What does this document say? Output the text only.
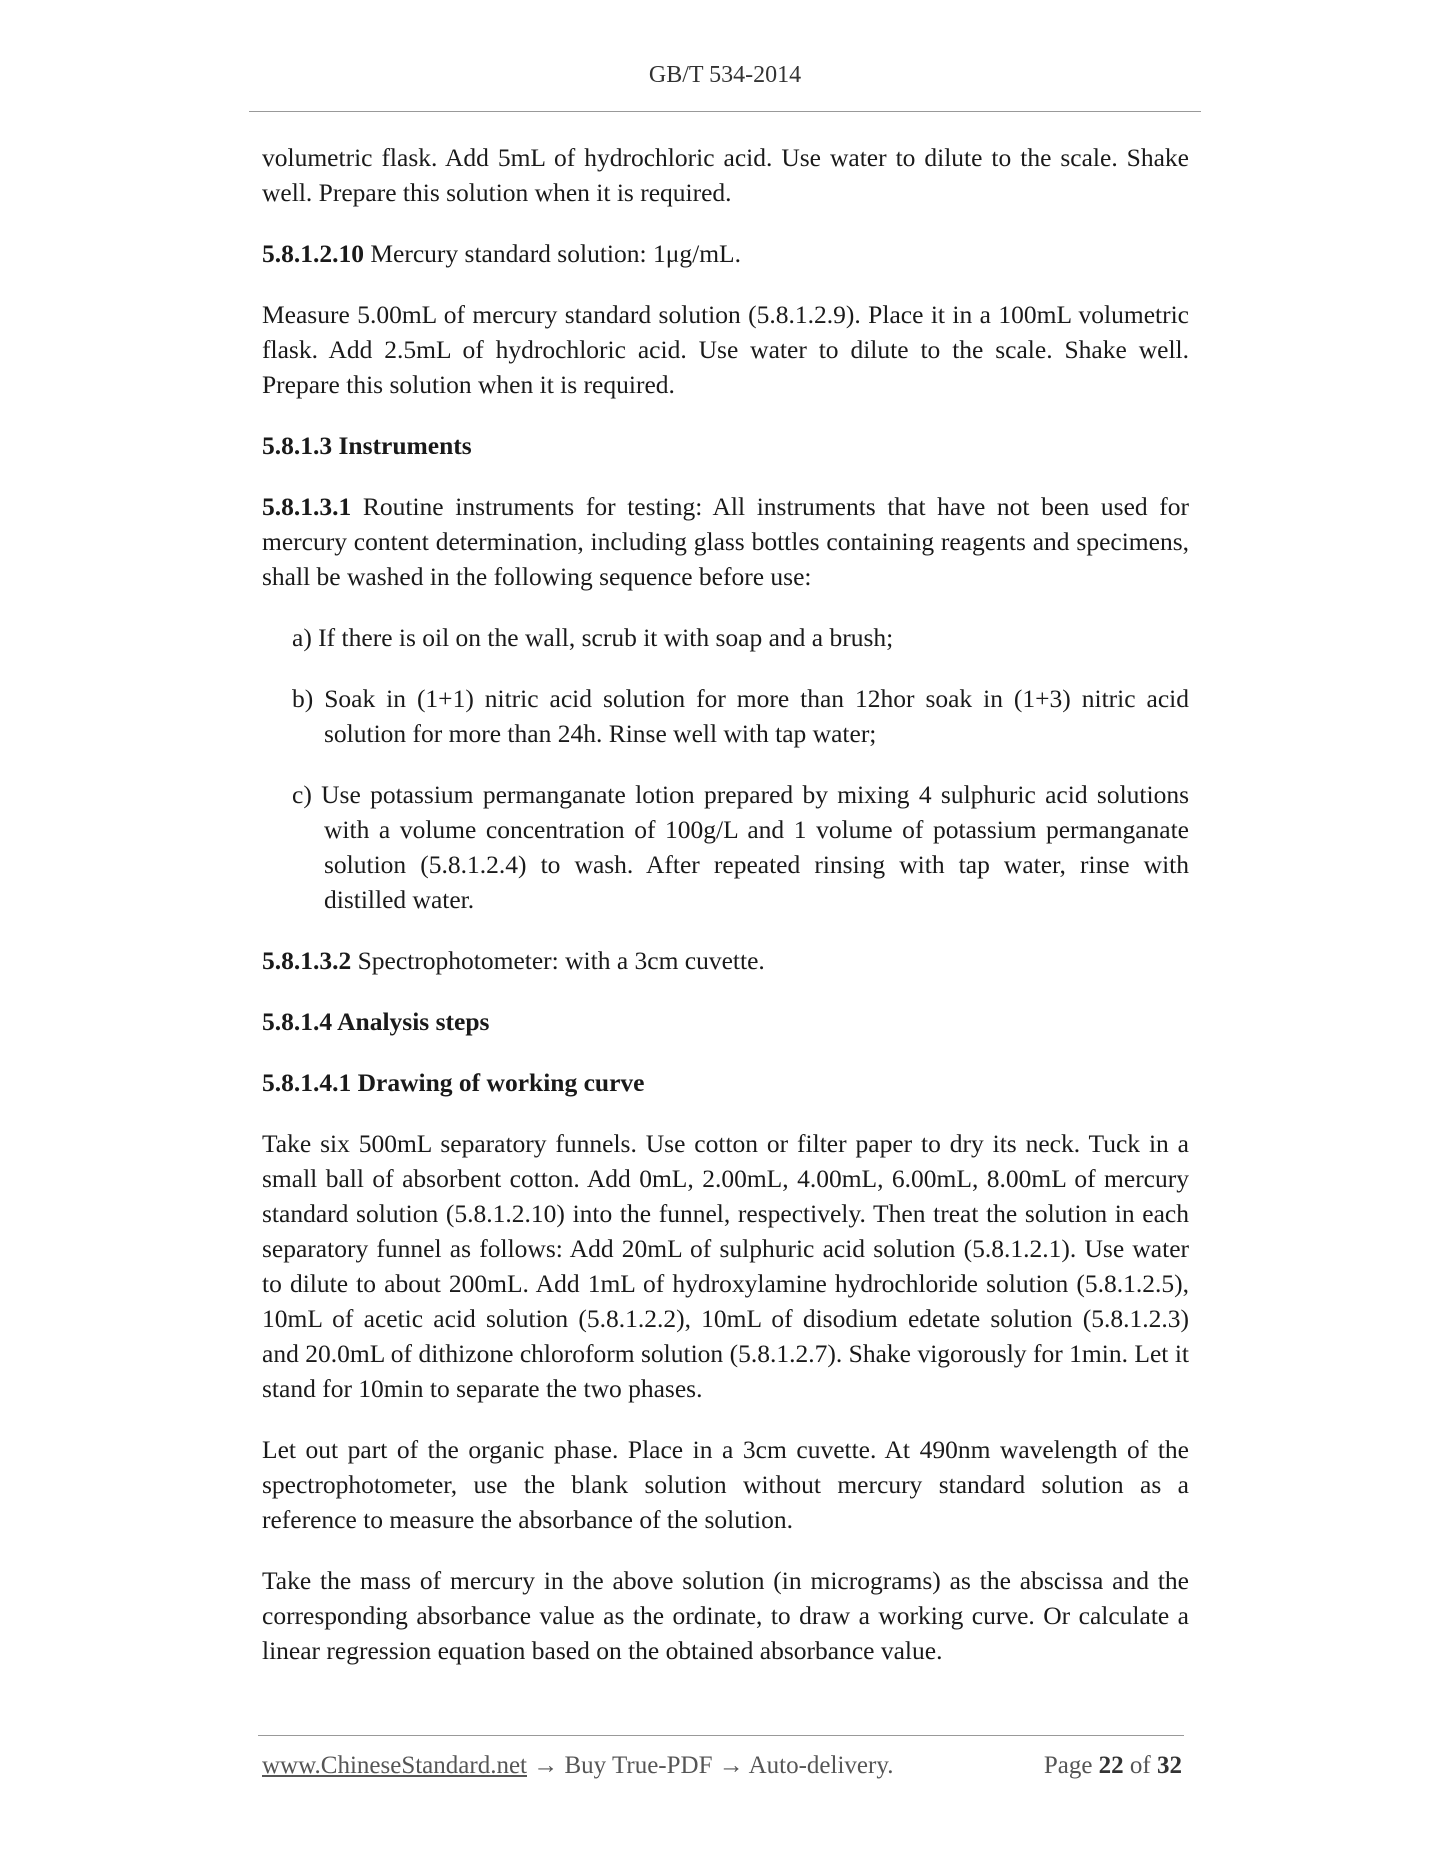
GB/T 534-2014

volumetric flask. Add 5mL of hydrochloric acid. Use water to dilute to the scale. Shake well. Prepare this solution when it is required.

5.8.1.2.10 Mercury standard solution: 1μg/mL.

Measure 5.00mL of mercury standard solution (5.8.1.2.9). Place it in a 100mL volumetric flask. Add 2.5mL of hydrochloric acid. Use water to dilute to the scale. Shake well. Prepare this solution when it is required.

5.8.1.3 Instruments

5.8.1.3.1 Routine instruments for testing: All instruments that have not been used for mercury content determination, including glass bottles containing reagents and specimens, shall be washed in the following sequence before use:

a) If there is oil on the wall, scrub it with soap and a brush;
b) Soak in (1+1) nitric acid solution for more than 12hor soak in (1+3) nitric acid solution for more than 24h. Rinse well with tap water;
c) Use potassium permanganate lotion prepared by mixing 4 sulphuric acid solutions with a volume concentration of 100g/L and 1 volume of potassium permanganate solution (5.8.1.2.4) to wash. After repeated rinsing with tap water, rinse with distilled water.

5.8.1.3.2 Spectrophotometer: with a 3cm cuvette.

5.8.1.4 Analysis steps

5.8.1.4.1 Drawing of working curve

Take six 500mL separatory funnels. Use cotton or filter paper to dry its neck. Tuck in a small ball of absorbent cotton. Add 0mL, 2.00mL, 4.00mL, 6.00mL, 8.00mL of mercury standard solution (5.8.1.2.10) into the funnel, respectively. Then treat the solution in each separatory funnel as follows: Add 20mL of sulphuric acid solution (5.8.1.2.1). Use water to dilute to about 200mL. Add 1mL of hydroxylamine hydrochloride solution (5.8.1.2.5), 10mL of acetic acid solution (5.8.1.2.2), 10mL of disodium edetate solution (5.8.1.2.3) and 20.0mL of dithizone chloroform solution (5.8.1.2.7). Shake vigorously for 1min. Let it stand for 10min to separate the two phases.

Let out part of the organic phase. Place in a 3cm cuvette. At 490nm wavelength of the spectrophotometer, use the blank solution without mercury standard solution as a reference to measure the absorbance of the solution.

Take the mass of mercury in the above solution (in micrograms) as the abscissa and the corresponding absorbance value as the ordinate, to draw a working curve. Or calculate a linear regression equation based on the obtained absorbance value.

www.ChineseStandard.net → Buy True-PDF → Auto-delivery.	Page 22 of 32
